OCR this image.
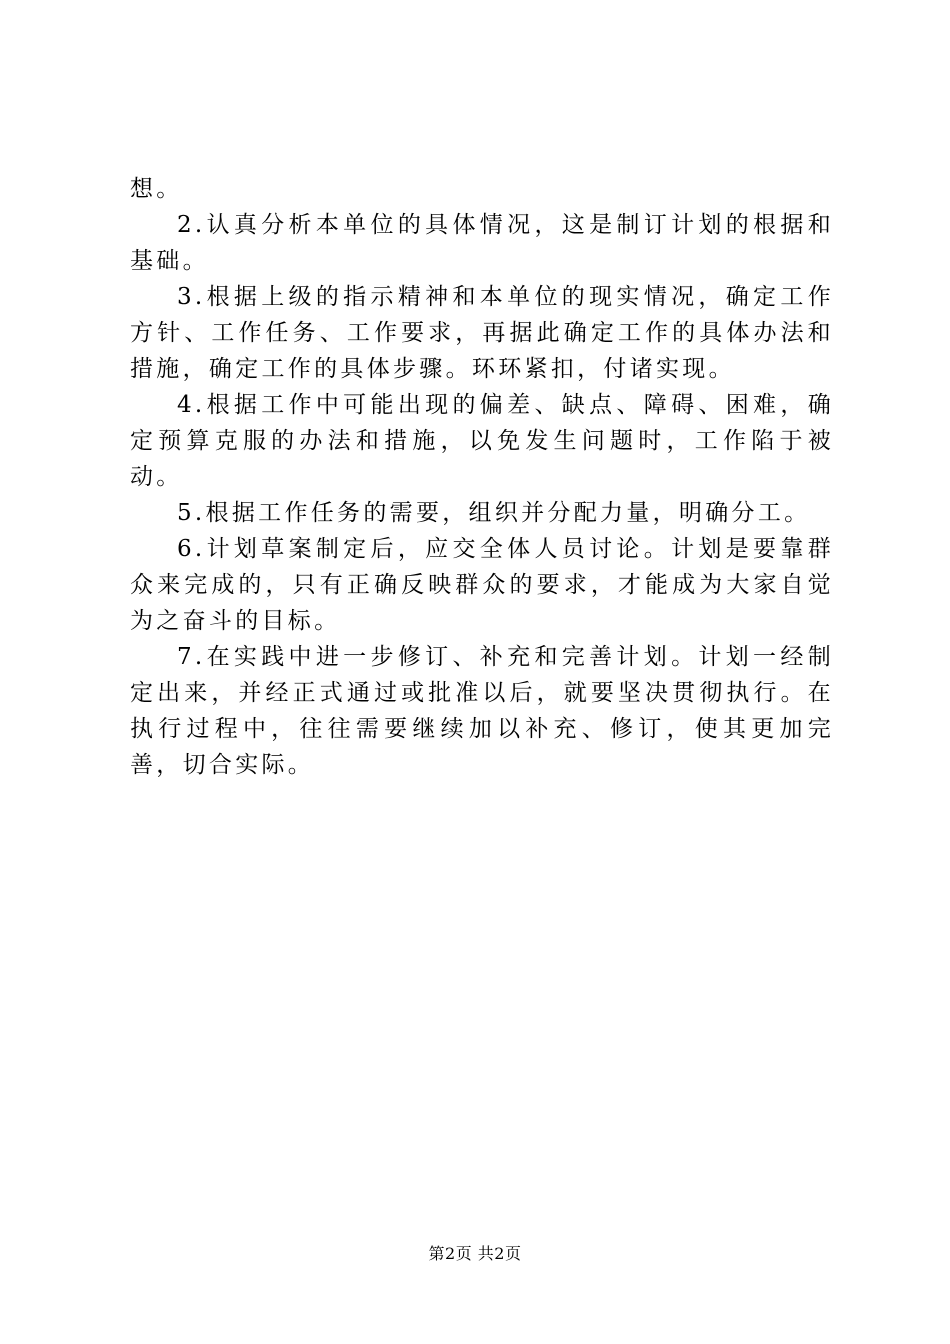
想。

2.认真分析本单位的具体情况，这是制订计划的根据和基础。

3.根据上级的指示精神和本单位的现实情况，确定工作方针、工作任务、工作要求，再据此确定工作的具体办法和措施，确定工作的具体步骤。环环紧扣，付诸实现。

4.根据工作中可能出现的偏差、缺点、障碍、困难，确定预算克服的办法和措施，以免发生问题时，工作陷于被动。

5.根据工作任务的需要，组织并分配力量，明确分工。

6.计划草案制定后，应交全体人员讨论。计划是要靠群众来完成的，只有正确反映群众的要求，才能成为大家自觉为之奋斗的目标。

7.在实践中进一步修订、补充和完善计划。计划一经制定出来，并经正式通过或批准以后，就要坚决贯彻执行。在执行过程中，往往需要继续加以补充、修订，使其更加完善，切合实际。

第2页 共2页
